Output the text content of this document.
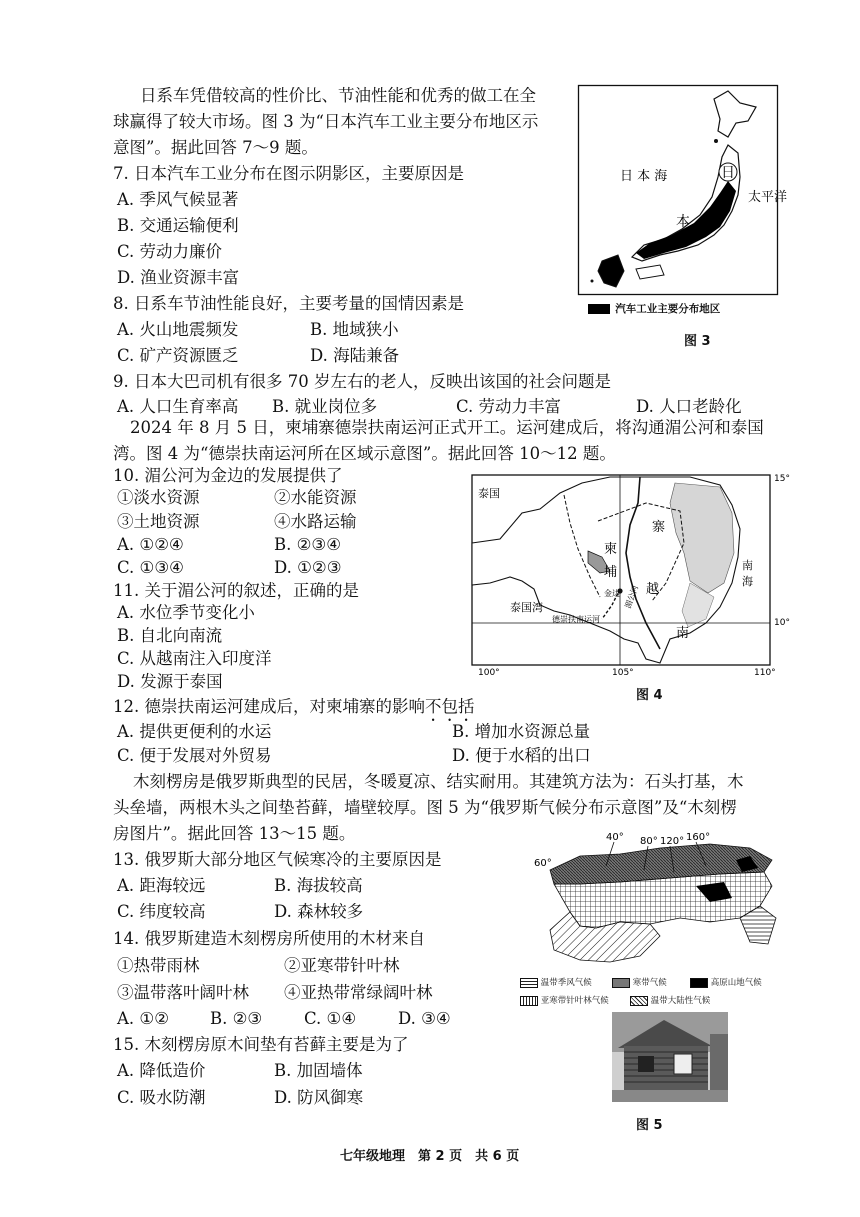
日系车凭借较高的性价比、节油性能和优秀的做工在全
球赢得了较大市场。图 3 为“日本汽车工业主要分布地区示
意图”。据此回答 7～9 题。
7. 日本汽车工业分布在图示阴影区，主要原因是
A. 季风气候显著
B. 交通运输便利
C. 劳动力廉价
D. 渔业资源丰富
8. 日系车节油性能良好，主要考量的国情因素是
A. 火山地震频发	B. 地域狭小
C. 矿产资源匮乏	D. 海陆兼备
9. 日本大巴司机有很多 70 岁左右的老人，反映出该国的社会问题是
A. 人口生育率高 B. 就业岗位多	C. 劳动力丰富	D. 人口老龄化
2024 年 8 月 5 日，柬埔寨德崇扶南运河正式开工。运河建成后，将沟通湄公河和泰国
湾。图 4 为“德崇扶南运河所在区域示意图”。据此回答 10～12 题。
10. 湄公河为金边的发展提供了
①淡水资源	②水能资源
③土地资源	④水路运输
A. ①②④	B. ②③④
C. ①③④	D. ①②③
11. 关于湄公河的叙述，正确的是
A. 水位季节变化小
B. 自北向南流
C. 从越南注入印度洋
D. 发源于泰国
12. 德崇扶南运河建成后，对柬埔寨的影响不包括
A. 提供更便利的水运	B. 增加水资源总量
C. 便于发展对外贸易	D. 便于水稻的出口
木刻楞房是俄罗斯典型的民居，冬暖夏凉、结实耐用。其建筑方法为：石头打基，木
头垒墙，两根木头之间垫苔藓，墙壁较厚。图 5 为“俄罗斯气候分布示意图”及“木刻楞
房图片”。据此回答 13～15 题。
13. 俄罗斯大部分地区气候寒冷的主要原因是
A. 距海较远	B. 海拔较高
C. 纬度较高	D. 森林较多
14. 俄罗斯建造木刻楞房所使用的木材来自
①热带雨林	②亚寒带针叶林
③温带落叶阔叶林 ④亚热带常绿阔叶林
A. ①② B. ②③	C. ①④	D. ③④
15. 木刻楞房原木间垫有苔藓主要是为了
A. 降低造价	B. 加固墙体
C. 吸水防潮	D. 防风御寒
日
本
日 本 海
太平洋
汽车工业主要分布地区
图 3
金边 湄公河
泰国
泰国湾
德崇扶南运河
柬
埔
寨
越
南
南
海
15°
10°
100°	105°	110°
图 4
40° 80° 120° 160°
60°
温带季风气候	寒带气候	高原山地气候
亚寒带针叶林气候	温带大陆性气候
图 5
七年级地理　第 2 页　共 6 页
